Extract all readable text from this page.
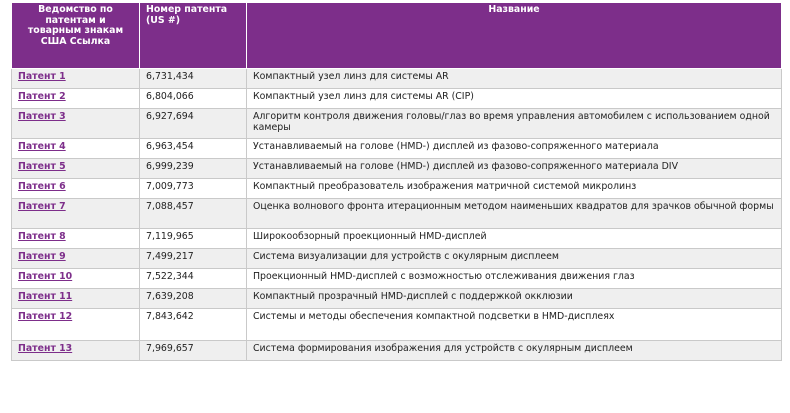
Ведомство по патентам и товарным знакам США Ссылка	Номер патента (US #)	Название
Патент 1	6,731,434	Компактный узел линз для системы AR
Патент 2	6,804,066	Компактный узел линз для системы AR (CIP)
Патент 3	6,927,694	Алгоритм контроля движения головы/глаз во время управления автомобилем с использованием одной камеры
Патент 4	6,963,454	Устанавливаемый на голове (HMD-) дисплей из фазово-сопряженного материала
Патент 5	6,999,239	Устанавливаемый на голове (HMD-) дисплей из фазово-сопряженного материала DIV
Патент 6	7,009,773	Компактный преобразователь изображения матричной системой микролинз
Патент 7	7,088,457	Оценка волнового фронта итерационным методом наименьших квадратов для зрачков обычной формы
Патент 8	7,119,965	Широкообзорный проекционный HMD-дисплей
Патент 9	7,499,217	Система визуализации для устройств с окулярным дисплеем
Патент 10	7,522,344	Проекционный HMD-дисплей с возможностью отслеживания движения глаз
Патент 11	7,639,208	Компактный прозрачный HMD-дисплей с поддержкой окклюзии
Патент 12	7,843,642	Системы и методы обеспечения компактной подсветки в HMD-дисплеях
Патент 13	7,969,657	Система формирования изображения для устройств с окулярным дисплеем
